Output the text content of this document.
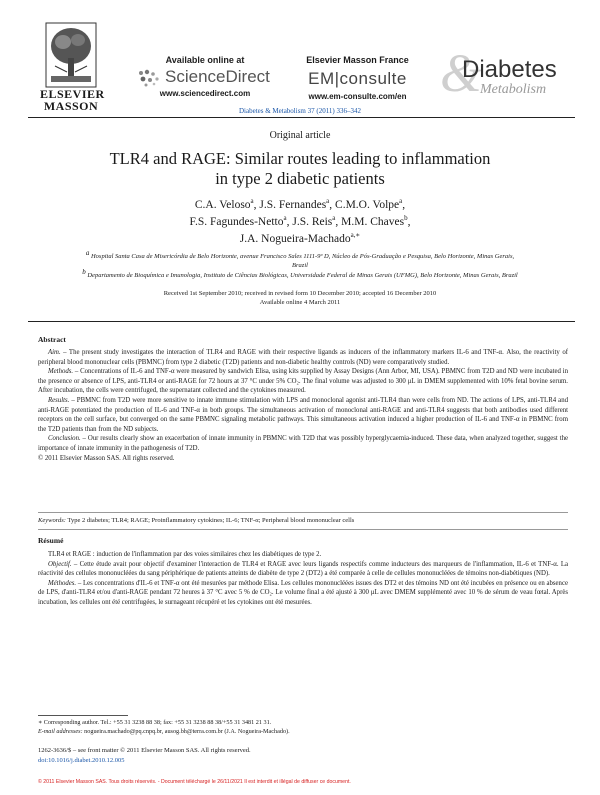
ELSEVIER
MASSON
Available online at
ScienceDirect
www.sciencedirect.com
Elsevier Masson France
EM|consulte
www.em-consulte.com/en &
Diabetes
Metabolism
Diabetes & Metabolism 37 (2011) 336–342
Original article
TLR4 and RAGE: Similar routes leading to inflammation
in type 2 diabetic patients
C.A. Veloso$^a$, J.S. Fernandes$^a$, C.M.O. Volpe$^a$,
F.S. Fagundes-Netto$^a$, J.S. Reis$^a$, M.M. Chaves$^b$,
J.A. Nogueira-Machado$^{a,∗}$
$^a$ Hospital Santa Casa de Misericórdia de Belo Horizonte, avenue Francisco Sales 1111-9º D, Núcleo de Pós-Graduação e Pesquisa, Belo Horizonte, Minas Gerais, Brazil
$^b$ Departamento de Bioquímica e Imunologia, Instituto de Ciências Biológicas, Universidade Federal de Minas Gerais (UFMG), Belo Horizonte, Minas Gerais, Brazil
Received 1st September 2010; received in revised form 10 December 2010; accepted 16 December 2010
Available online 4 March 2011
Abstract

Aim. – The present study investigates the interaction of TLR4 and RAGE with their respective ligands as inducers of the inflammatory markers IL-6 and TNF-α. Also, the reactivity of peripheral blood mononuclear cells (PBMNC) from type 2 diabetic (T2D) patients and non-diabetic healthy controls (ND) were comparatively studied.

Methods. – Concentrations of IL-6 and TNF-α were measured by sandwich Elisa, using kits supplied by Assay Designs (Ann Arbor, MI, USA). PBMNC from T2D and ND were incubated in the presence or absence of LPS, anti-TLR4 or anti-RAGE for 72 hours at 37 °C under 5% CO₂. The final volume was adjusted to 300 μL in DMEM supplemented with 10% fetal bovine serum. After incubation, the cells were centrifuged, the supernatant collected and the cytokines measured.

Results. – PBMNC from T2D were more sensitive to innate immune stimulation with LPS and monoclonal agonist anti-TLR4 than were cells from ND. The actions of LPS, anti-TLR4 and anti-RAGE potentiated the production of IL-6 and TNF-α in both groups. The simultaneous activation of monoclonal anti-RAGE and anti-TLR4 suggests that both antibodies used different receptors on the cell surface, but converged on the same PBMNC signaling metabolic pathways. This simultaneous activation induced a higher production of IL-6 and TNF-α in PBMNC from the T2D patients than from the ND subjects.

Conclusion. – Our results clearly show an exacerbation of innate immunity in PBMNC with T2D that was possibly hyperglycaemia-induced. These data, when analyzed together, suggest the importance of innate immunity in the pathogenesis of T2D.

© 2011 Elsevier Masson SAS. All rights reserved.

Keywords: Type 2 diabetes; TLR4; RAGE; Proinflammatory cytokines; IL-6; TNF-α; Peripheral blood mononuclear cells
Résumé

TLR4 et RAGE : induction de l'inflammation par des voies similaires chez les diabétiques de type 2.

Objectif. – Cette étude avait pour objectif d'examiner l'interaction de TLR4 et RAGE avec leurs ligands respectifs comme inducteurs des marqueurs de l'inflammation, IL-6 et TNF-α. La réactivité des cellules mononucléées du sang périphérique de patients atteints de diabète de type 2 (DT2) a été comparée à celle de cellules mononucléées de témoins non-diabétiques (ND).

Méthodes. – Les concentrations d'IL-6 et TNF-α ont été mesurées par méthode Elisa. Les cellules mononucléées issues des DT2 et des témoins ND ont été incubées en présence ou en absence de LPS, d'anti-TLR4 et/ou d'anti-RAGE pendant 72 heures à 37 °C avec 5 % de CO₂. Le volume final a été ajusté à 300 μL avec DMEM supplémenté avec 10 % de sérum de veau fœtal. Après incubation, les cellules ont été centrifugées, le surnageant récupéré et les cytokines ont été mesurées.

∗ Corresponding author. Tel.: +55 31 3238 88 38; fax: +55 31 3238 88 38/+55 31 3481 21 31.
E-mail addresses: nogueira.machado@pq.cnpq.br, ausog.bh@terra.com.br (J.A. Nogueira-Machado).
1262-3636/$ – see front matter © 2011 Elsevier Masson SAS. All rights reserved.
doi:10.1016/j.diabet.2010.12.005
© 2011 Elsevier Masson SAS. Tous droits réservés. - Document téléchargé le 26/11/2021 Il est interdit et illégal de diffuser ce document.
